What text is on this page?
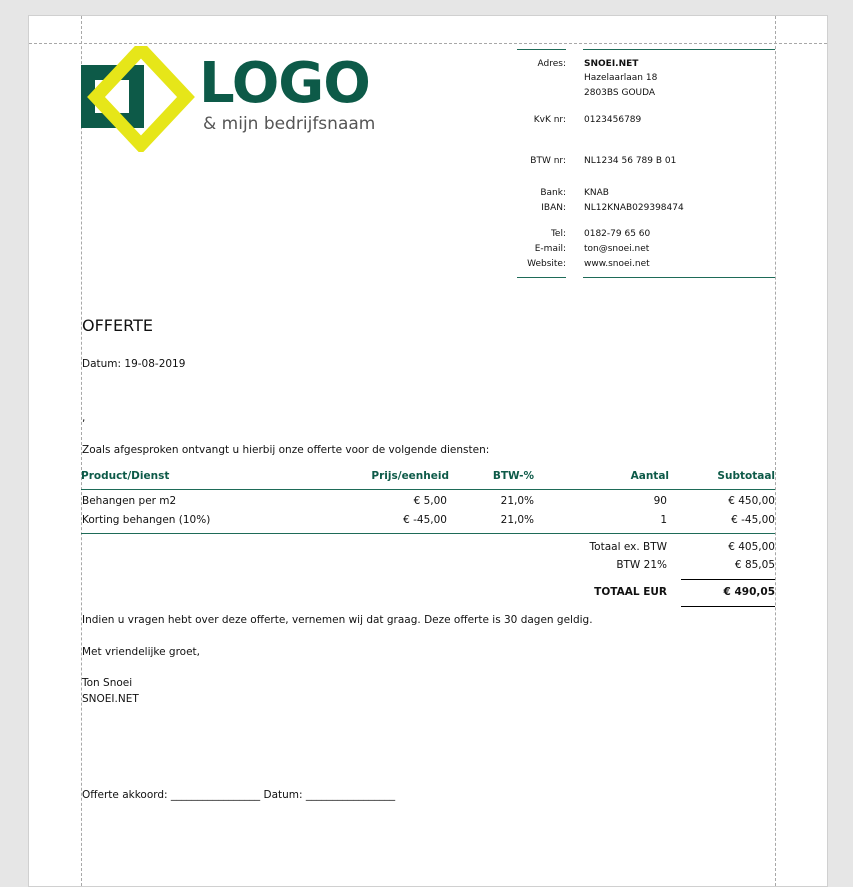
LOGO
& mijn bedrijfsnaam
Adres: SNOEI.NET
Hazelaarlaan 18
2803BS GOUDA
KvK nr: 0123456789
BTW nr: NL1234 56 789 B 01
Bank: KNAB
IBAN: NL12KNAB029398474
Tel: 0182-79 65 60
E-mail: ton@snoei.net
Website: www.snoei.net
OFFERTE
Datum: 19-08-2019
,
Zoals afgesproken ontvangt u hierbij onze offerte voor de volgende diensten:
Product/Dienst	Prijs/eenheid	BTW-%	Aantal	Subtotaal
Behangen per m2	€ 5,00	21,0%	90	€ 450,00
Korting behangen (10%)	€ -45,00	21,0%	1	€ -45,00
Totaal ex. BTW	€ 405,00
BTW 21%	€ 85,05
TOTAAL EUR	€ 490,05
Indien u vragen hebt over deze offerte, vernemen wij dat graag. Deze offerte is 30 dagen geldig.
Met vriendelijke groet,
Ton Snoei
SNOEI.NET
Offerte akkoord: _________________ Datum: _________________
